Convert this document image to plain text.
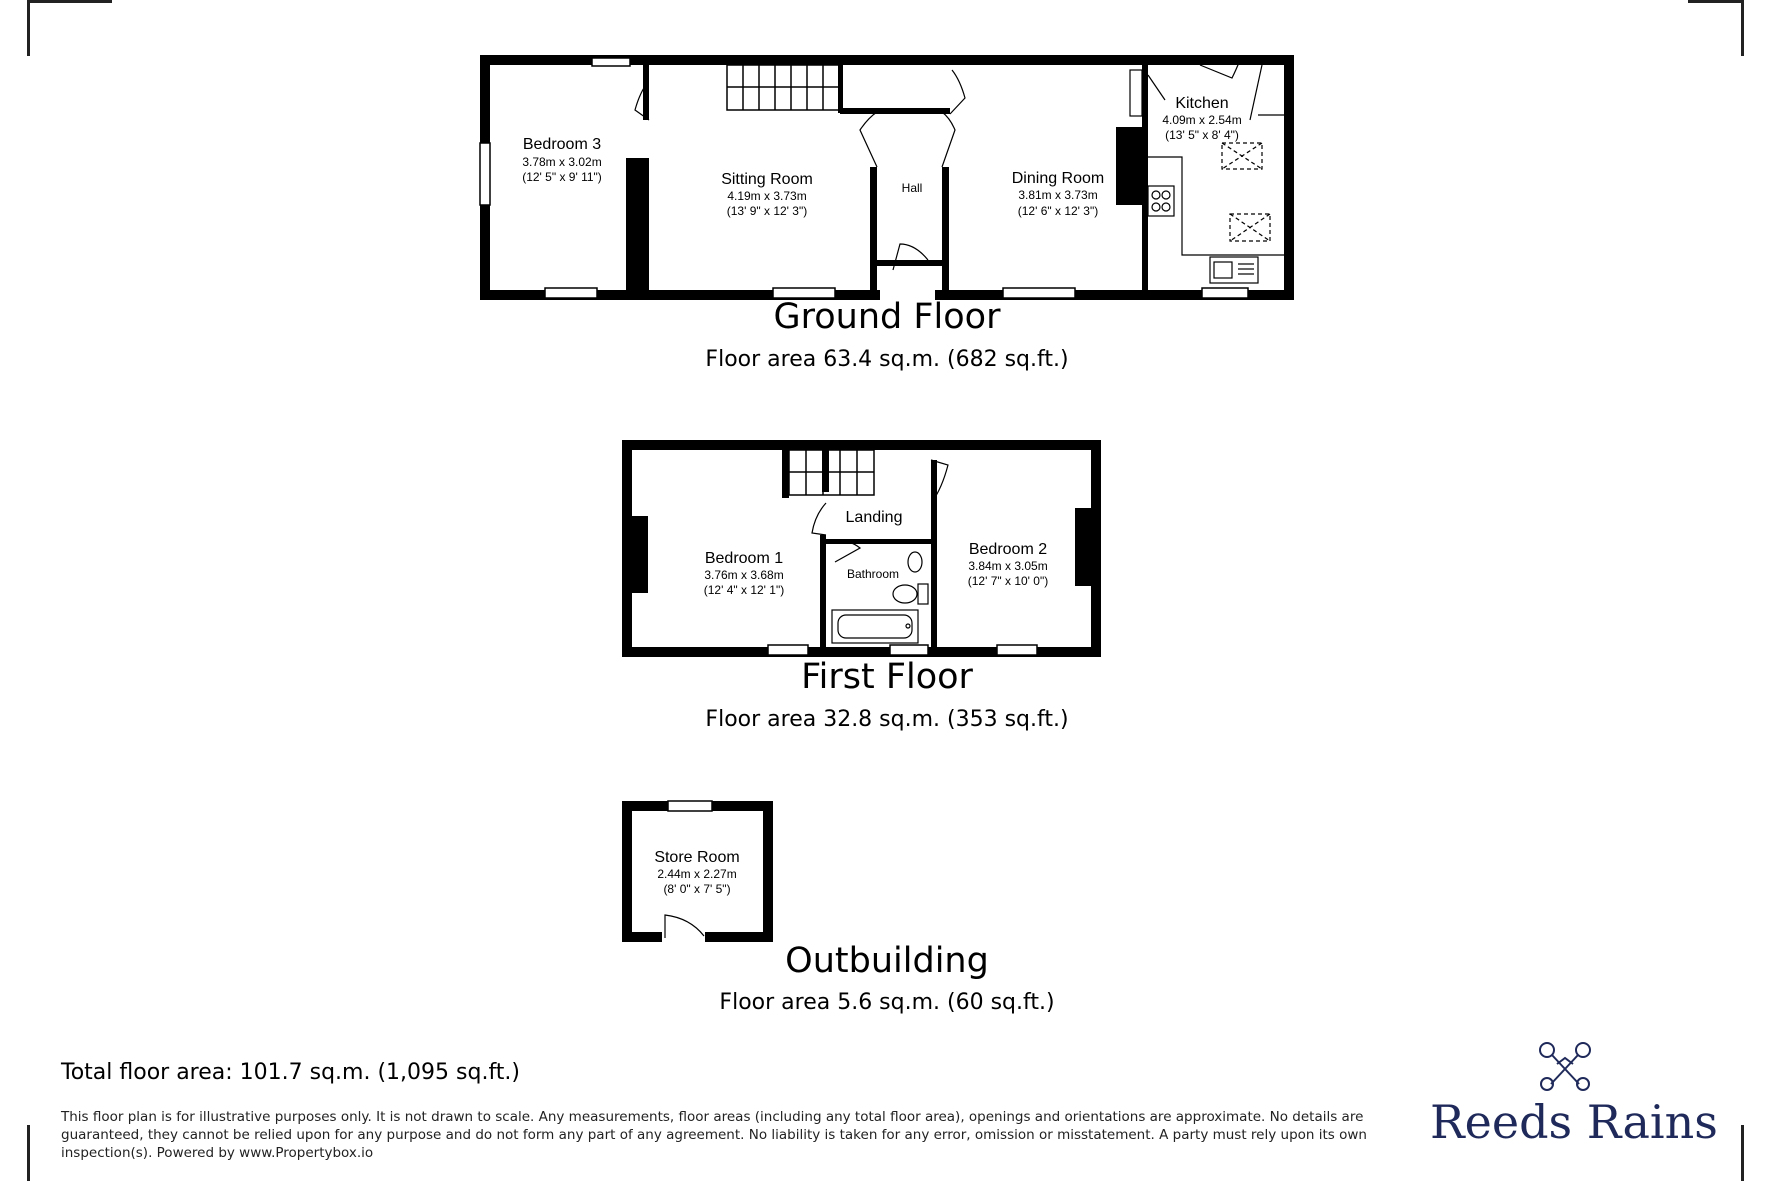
Bedroom 3
3.78m x 3.02m
(12' 5" x 9' 11")	Sitting Room
4.19m x 3.73m
(13' 9" x 12' 3")
Hall
Dining Room
3.81m x 3.73m
(12' 6" x 12' 3")
Kitchen
4.09m x 2.54m
(13' 5" x 8' 4")
Ground Floor
Floor area 63.4 sq.m. (682 sq.ft.)
Bedroom 1
3.76m x 3.68m
(12' 4" x 12' 1")
Landing
Bathroom
Bedroom 2
3.84m x 3.05m
(12' 7" x 10' 0")
First Floor
Floor area 32.8 sq.m. (353 sq.ft.)
Store Room
2.44m x 2.27m
(8' 0" x 7' 5")
Outbuilding
Floor area 5.6 sq.m. (60 sq.ft.)
Total floor area: 101.7 sq.m. (1,095 sq.ft.)
This floor plan is for illustrative purposes only. It is not drawn to scale. Any measurements, floor areas (including any total floor area), openings and orientations are approximate. No details are guaranteed, they cannot be relied upon for any purpose and do not form any part of any agreement. No liability is taken for any error, omission or misstatement. A party must rely upon its own inspection(s). Powered by www.Propertybox.io
Reeds Rains
